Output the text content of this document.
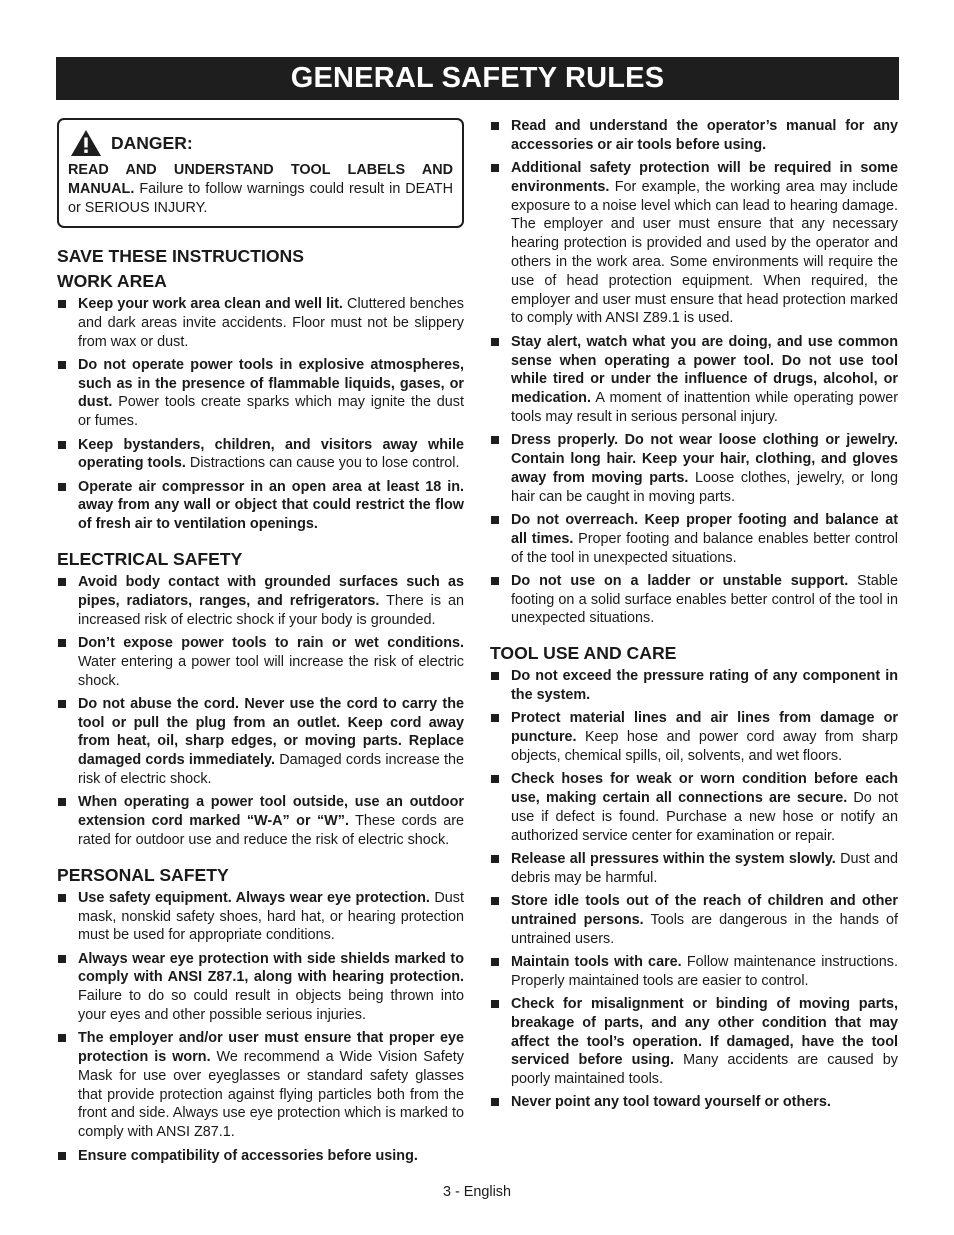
GENERAL SAFETY RULES
DANGER:
READ AND UNDERSTAND TOOL LABELS AND MANUAL. Failure to follow warnings could result in DEATH or SERIOUS INJURY.
SAVE THESE INSTRUCTIONS
WORK AREA
Keep your work area clean and well lit. Cluttered benches and dark areas invite accidents. Floor must not be slippery from wax or dust.
Do not operate power tools in explosive atmospheres, such as in the presence of flammable liquids, gases, or dust. Power tools create sparks which may ignite the dust or fumes.
Keep bystanders, children, and visitors away while operating tools. Distractions can cause you to lose control.
Operate air compressor in an open area at least 18 in. away from any wall or object that could restrict the flow of fresh air to ventilation openings.
ELECTRICAL SAFETY
Avoid body contact with grounded surfaces such as pipes, radiators, ranges, and refrigerators. There is an increased risk of electric shock if your body is grounded.
Don’t expose power tools to rain or wet conditions. Water entering a power tool will increase the risk of electric shock.
Do not abuse the cord. Never use the cord to carry the tool or pull the plug from an outlet. Keep cord away from heat, oil, sharp edges, or moving parts. Replace damaged cords immediately. Damaged cords increase the risk of electric shock.
When operating a power tool outside, use an outdoor extension cord marked “W-A” or “W”. These cords are rated for outdoor use and reduce the risk of electric shock.
PERSONAL SAFETY
Use safety equipment. Always wear eye protection. Dust mask, nonskid safety shoes, hard hat, or hearing protection must be used for appropriate conditions.
Always wear eye protection with side shields marked to comply with ANSI Z87.1, along with hearing protection. Failure to do so could result in objects being thrown into your eyes and other possible serious injuries.
The employer and/or user must ensure that proper eye protection is worn. We recommend a Wide Vision Safety Mask for use over eyeglasses or standard safety glasses that provide protection against flying particles both from the front and side. Always use eye protection which is marked to comply with ANSI Z87.1.
Ensure compatibility of accessories before using.
Read and understand the operator’s manual for any accessories or air tools before using.
Additional safety protection will be required in some environments. For example, the working area may include exposure to a noise level which can lead to hearing damage. The employer and user must ensure that any necessary hearing protection is provided and used by the operator and others in the work area. Some environments will require the use of head protection equipment. When required, the employer and user must ensure that head protection marked to comply with ANSI Z89.1 is used.
Stay alert, watch what you are doing, and use common sense when operating a power tool. Do not use tool while tired or under the influence of drugs, alcohol, or medication. A moment of inattention while operating power tools may result in serious personal injury.
Dress properly. Do not wear loose clothing or jewelry. Contain long hair. Keep your hair, clothing, and gloves away from moving parts. Loose clothes, jewelry, or long hair can be caught in moving parts.
Do not overreach. Keep proper footing and balance at all times. Proper footing and balance enables better control of the tool in unexpected situations.
Do not use on a ladder or unstable support. Stable footing on a solid surface enables better control of the tool in unexpected situations.
TOOL USE AND CARE
Do not exceed the pressure rating of any component in the system.
Protect material lines and air lines from damage or puncture. Keep hose and power cord away from sharp objects, chemical spills, oil, solvents, and wet floors.
Check hoses for weak or worn condition before each use, making certain all connections are secure. Do not use if defect is found. Purchase a new hose or notify an authorized service center for examination or repair.
Release all pressures within the system slowly. Dust and debris may be harmful.
Store idle tools out of the reach of children and other untrained persons. Tools are dangerous in the hands of untrained users.
Maintain tools with care. Follow maintenance instructions. Properly maintained tools are easier to control.
Check for misalignment or binding of moving parts, breakage of parts, and any other condition that may affect the tool’s operation. If damaged, have the tool serviced before using. Many accidents are caused by poorly maintained tools.
Never point any tool toward yourself or others.
3 - English
